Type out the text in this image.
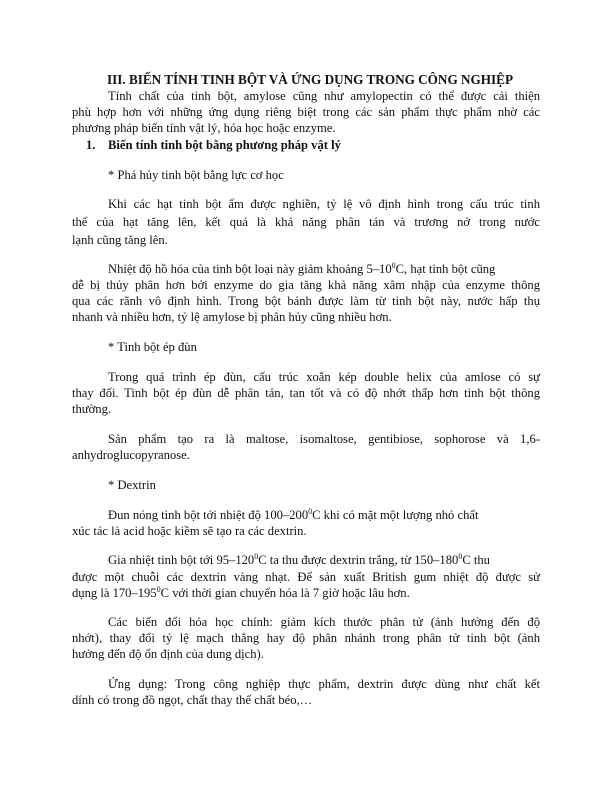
III. BIẾN TÍNH TINH BỘT VÀ ỨNG DỤNG TRONG CÔNG NGHIỆP
Tính chất của tinh bột, amylose cũng như amylopectin có thể được cải thiện
phù hợp hơn với những ứng dụng riêng biệt trong các sản phẩm thực phẩm nhờ các
phương pháp biến tính vật lý, hóa học hoặc enzyme.
1. Biến tính tinh bột bằng phương pháp vật lý
* Phá hủy tinh bột bằng lực cơ học
Khi các hạt tinh bột ẩm được nghiền, tỷ lệ vô định hình trong cấu trúc tinh
thể của hạt tăng lên, kết quả là khả năng phân tán và trương nở trong nước
lạnh cũng tăng lên.
Nhiệt độ hồ hóa của tinh bột loại này giảm khoảng $5-10^0C$, hạt tinh bột cũng
dễ bị thủy phân hơn bởi enzyme do gia tăng khả năng xâm nhập của enzyme thông
qua các rãnh vô định hình. Trong bột bánh được làm từ tinh bột này, nước hấp thụ
nhanh và nhiều hơn, tỷ lệ amylose bị phân hủy cũng nhiều hơn.
* Tinh bột ép đùn
Trong quá trình ép đùn, cấu trúc xoắn kép double helix của amlose có sự
thay đổi. Tinh bột ép đùn dễ phân tán, tan tốt và có độ nhớt thấp hơn tinh bột thông
thường.
Sản phẩm tạo ra là maltose, isomaltose, gentibiose, sophorose và 1,6-
anhydroglucopyranose.
* Dextrin
Đun nóng tinh bột tới nhiệt độ $100-200^0C$ khi có mặt một lượng nhỏ chất
xúc tác là acid hoặc kiềm sẽ tạo ra các dextrin.
Gia nhiệt tinh bột tới $95-120^0C$ ta thu được dextrin trắng, từ $150-180^0C$ thu
được một chuỗi các dextrin vàng nhạt. Để sản xuất British gum nhiệt độ được sử
dụng là $170-195^0C$ với thời gian chuyển hóa là 7 giờ hoặc lâu hơn.
Các biến đổi hóa học chính: giảm kích thước phân tử (ảnh hưởng đến độ
nhớt), thay đổi tỷ lệ mạch thẳng hay độ phân nhánh trong phân tử tinh bột (ảnh
hưởng đến độ ổn định của dung dịch).
Ứng dụng: Trong công nghiệp thực phẩm, dextrin được dùng như chất kết
dính có trong đồ ngọt, chất thay thế chất béo,…
